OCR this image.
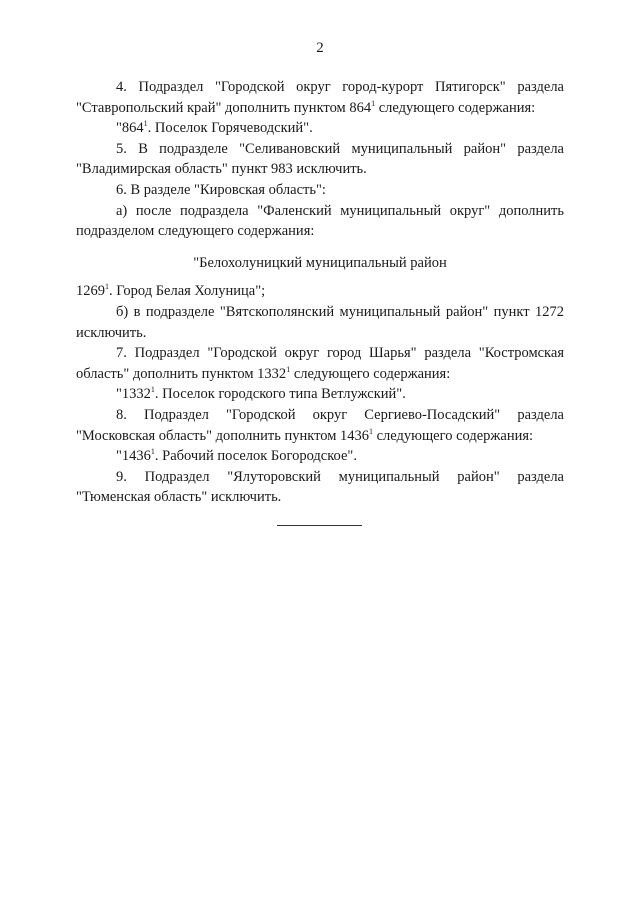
2

4. Подраздел "Городской округ город-курорт Пятигорск" раздела "Ставропольский край" дополнить пунктом $864^1$ следующего содержания:

"$864^1$. Поселок Горячеводский".

5. В подразделе "Селивановский муниципальный район" раздела "Владимирская область" пункт 983 исключить.

6. В разделе "Кировская область":

а) после подраздела "Фаленский муниципальный округ" дополнить подразделом следующего содержания:

"Белохолуницкий муниципальный район

1269$^1$. Город Белая Холуница";

б) в подразделе "Вятскополянский муниципальный район" пункт 1272 исключить.

7. Подраздел "Городской округ город Шарья" раздела "Костромская область" дополнить пунктом 1332$^1$ следующего содержания:

"1332$^1$. Поселок городского типа Ветлужский".

8. Подраздел "Городской округ Сергиево-Посадский" раздела "Московская область" дополнить пунктом 1436$^1$ следующего содержания:

"1436$^1$. Рабочий поселок Богородское".

9. Подраздел "Ялуторовский муниципальный район" раздела "Тюменская область" исключить.
